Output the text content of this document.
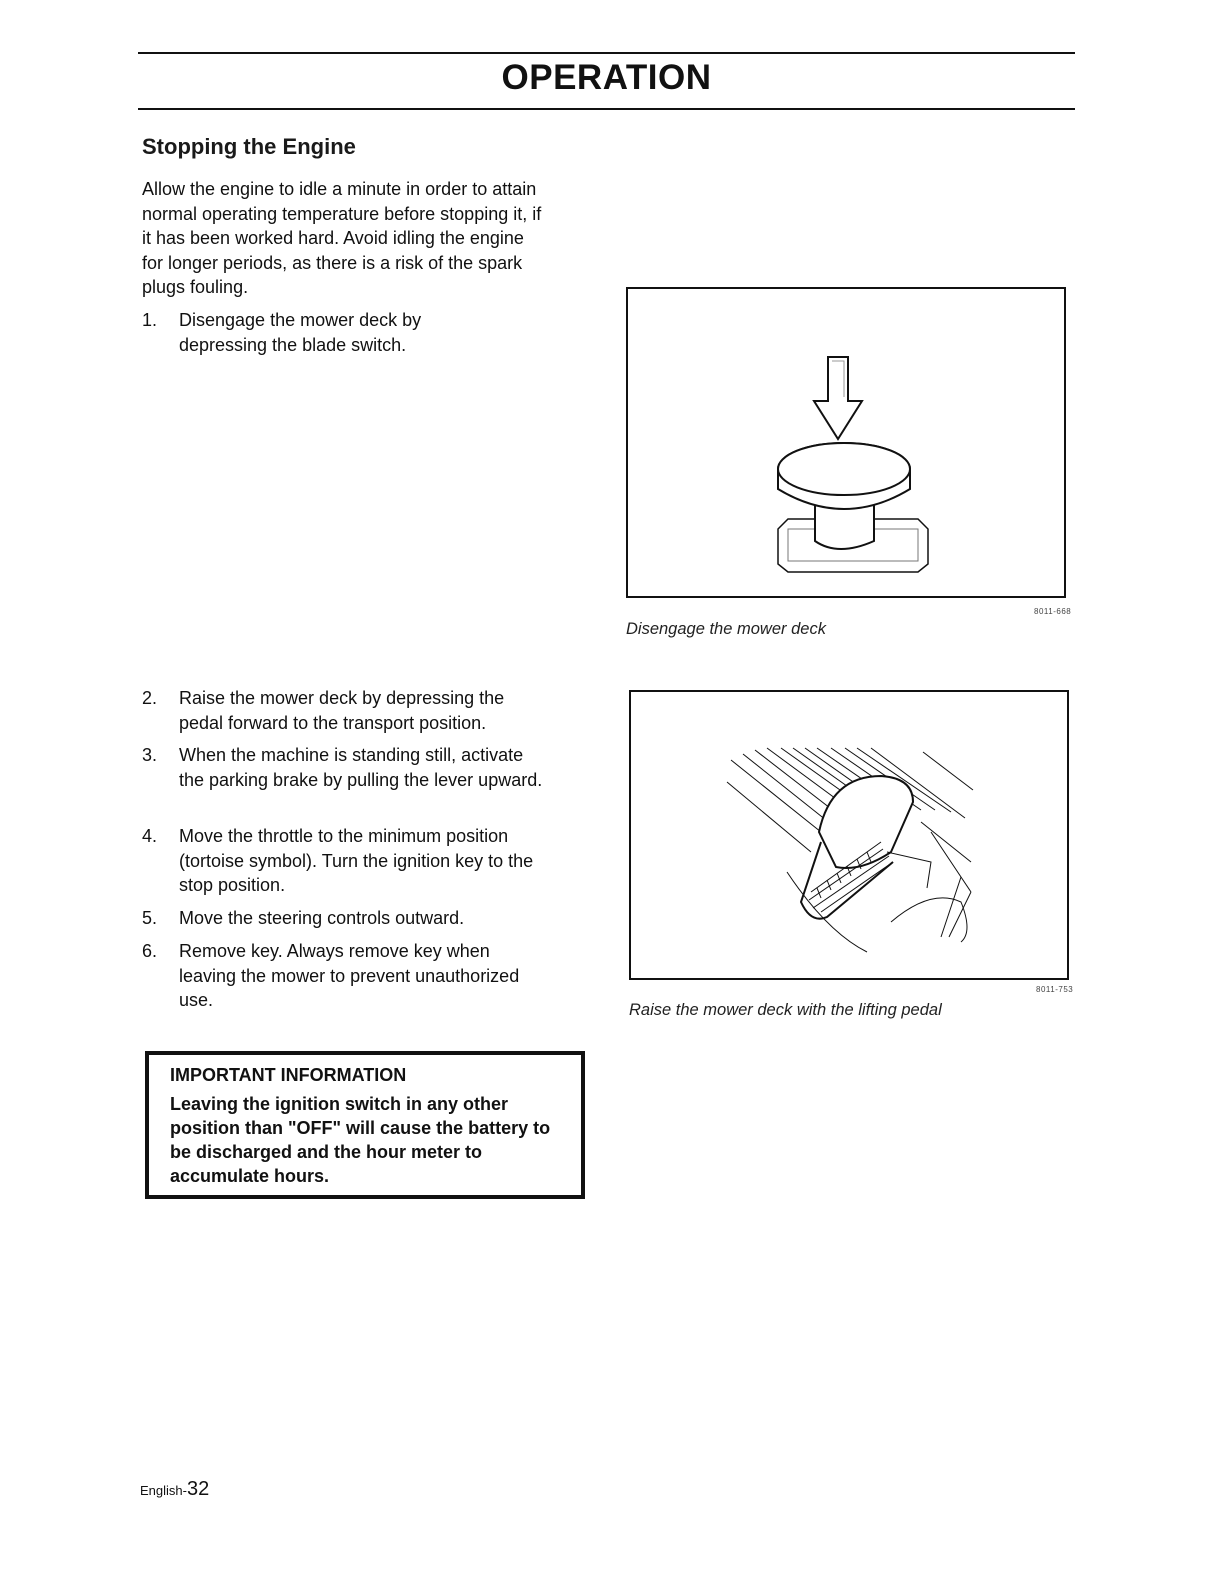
OPERATION
Stopping the Engine
Allow the engine to idle a minute in order to attain normal operating temperature before stopping it, if it has been worked hard. Avoid idling the engine for longer periods, as there is a risk of the spark plugs fouling.
1.	Disengage the mower deck by depressing the blade switch.
2.	Raise the mower deck by depressing the pedal forward to the transport position.
3.	When the machine is standing still, activate the parking brake by pulling the lever upward.
4.	Move the throttle to the minimum position (tortoise symbol). Turn the ignition key to the stop position.
5.	Move the steering controls outward.
6.	Remove key. Always remove key when leaving the mower to prevent unauthorized use.
8011-668
Disengage the mower deck
8011-753
Raise the mower deck with the lifting pedal
IMPORTANT INFORMATION
Leaving the ignition switch in any other position than "OFF" will cause the battery to be discharged and the hour meter to accumulate hours.
English-32
